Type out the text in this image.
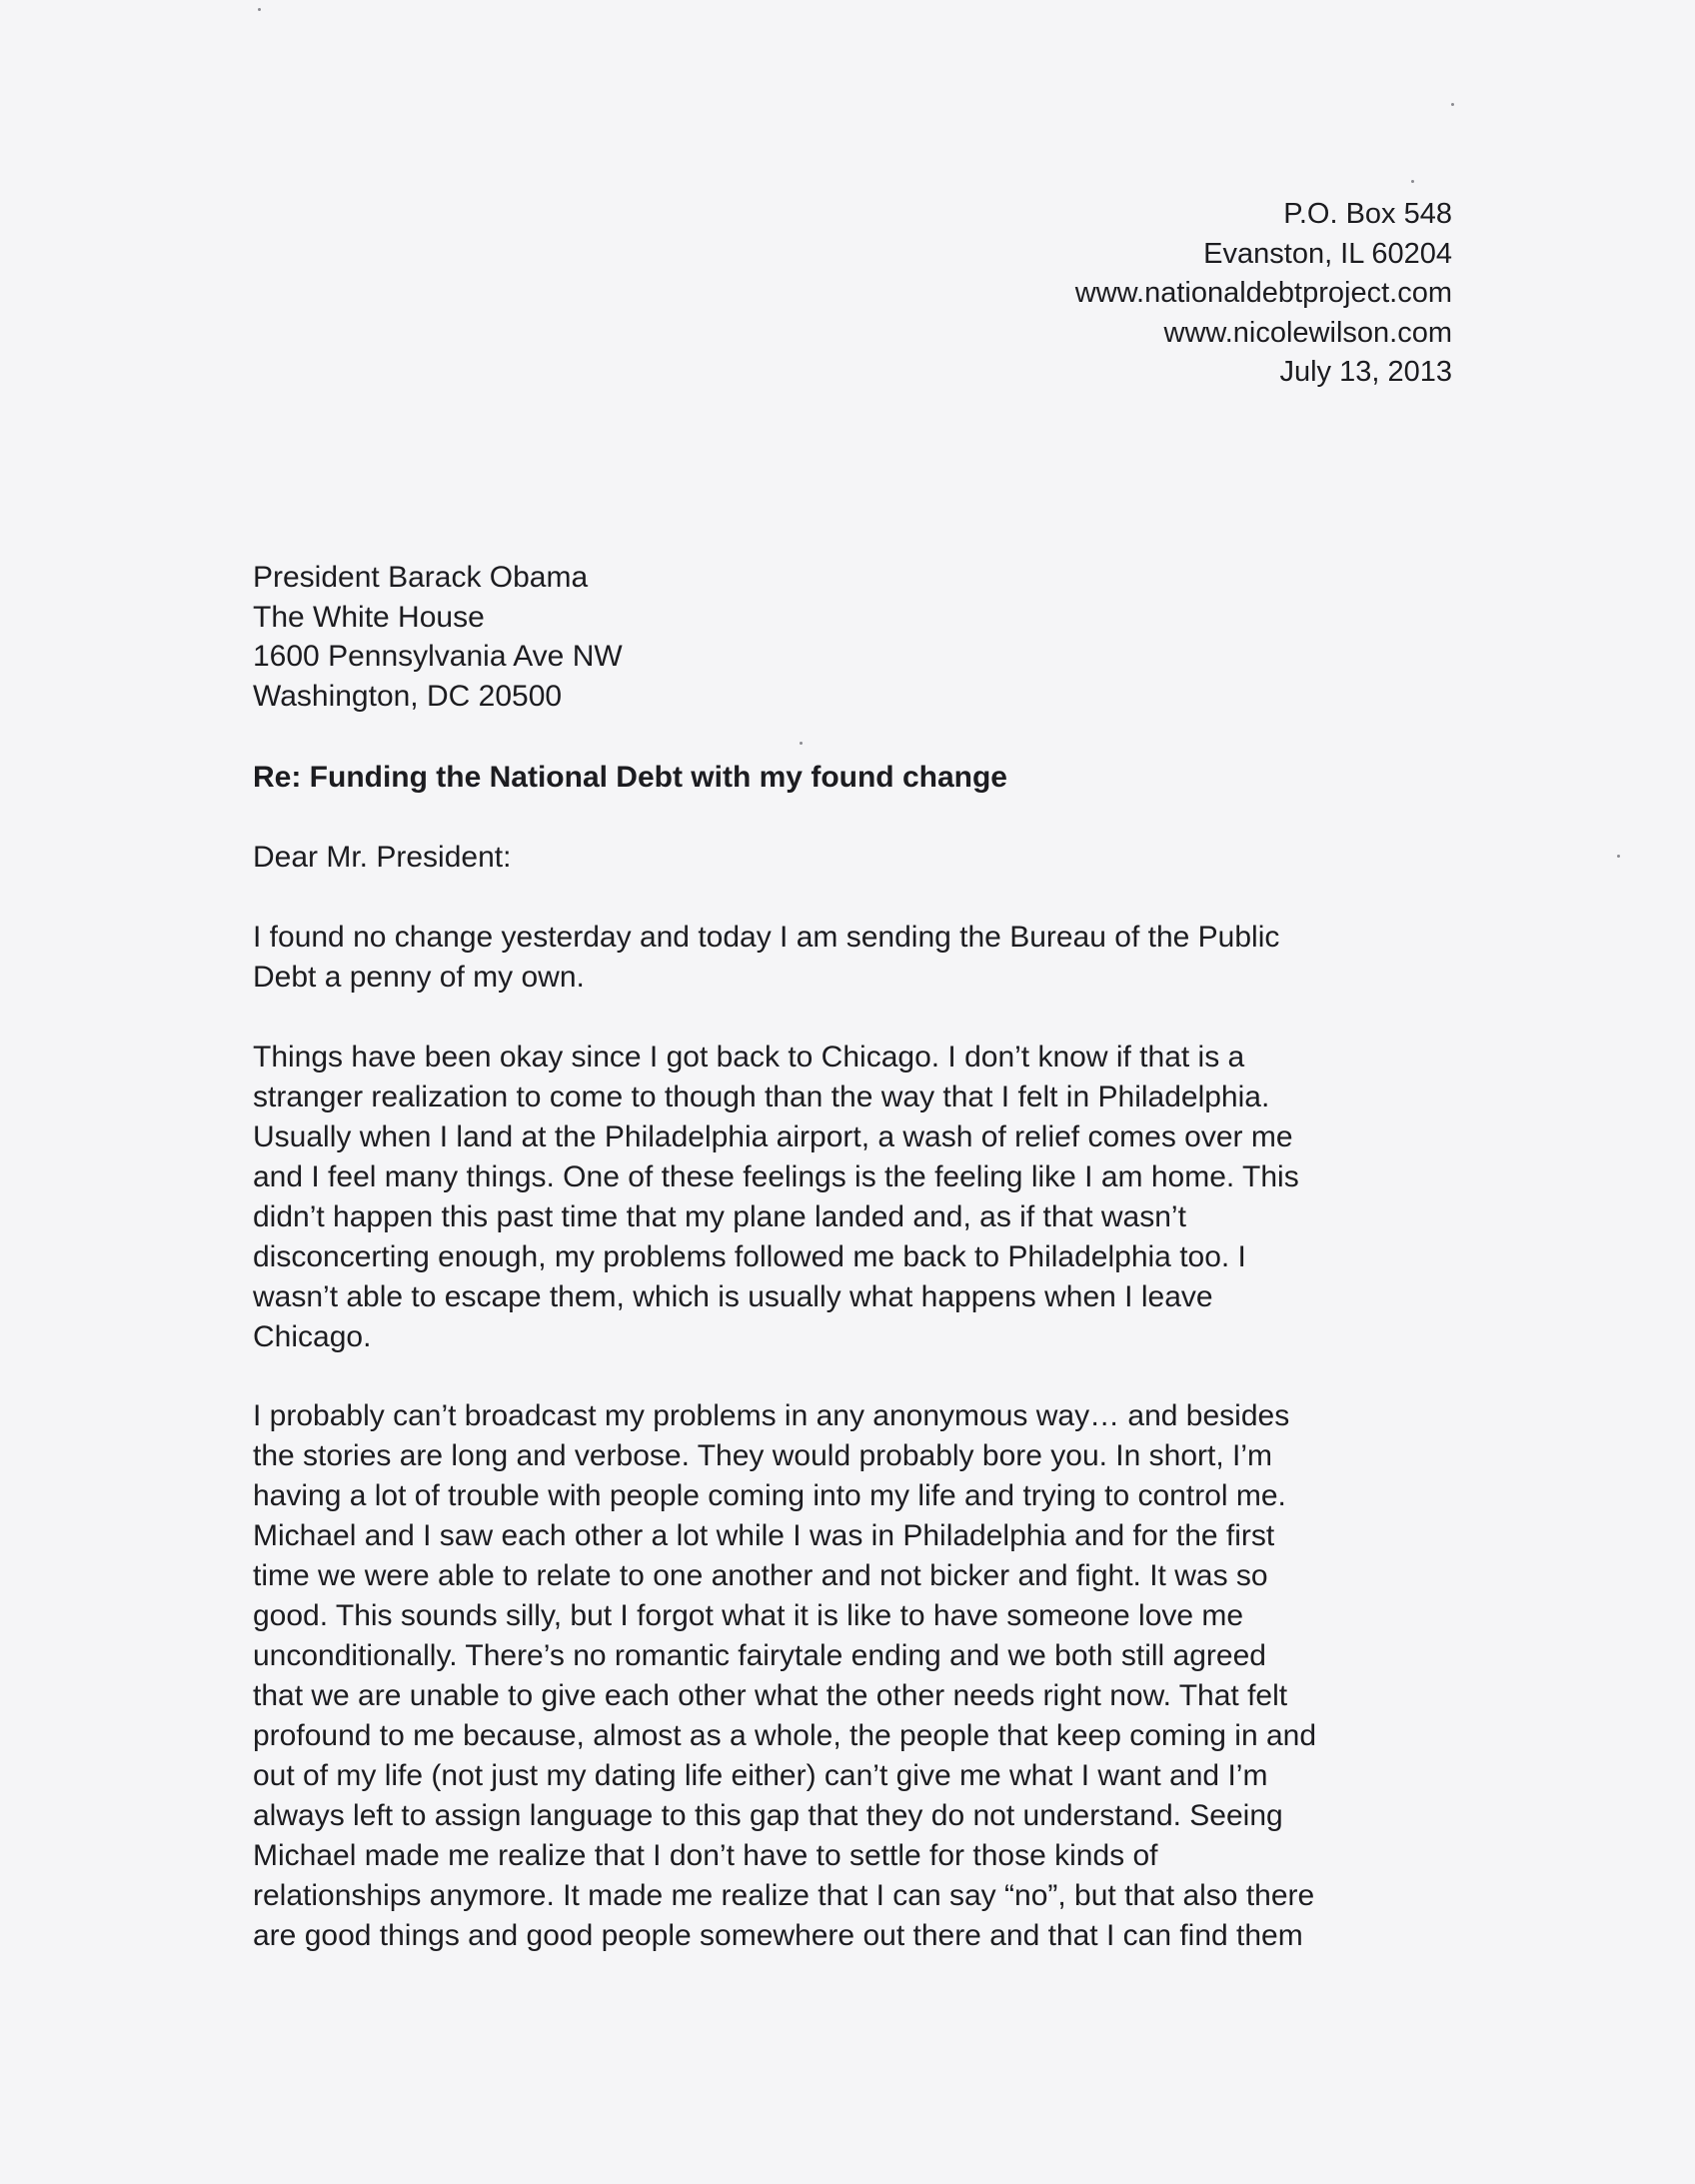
P.O. Box 548
Evanston, IL 60204
www.nationaldebtproject.com
www.nicolewilson.com
July 13, 2013
President Barack Obama
The White House
1600 Pennsylvania Ave NW
Washington, DC 20500
Re: Funding the National Debt with my found change
Dear Mr. President:
I found no change yesterday and today I am sending the Bureau of the Public
Debt a penny of my own.
Things have been okay since I got back to Chicago. I don’t know if that is a
stranger realization to come to though than the way that I felt in Philadelphia.
Usually when I land at the Philadelphia airport, a wash of relief comes over me
and I feel many things. One of these feelings is the feeling like I am home. This
didn’t happen this past time that my plane landed and, as if that wasn’t
disconcerting enough, my problems followed me back to Philadelphia too. I
wasn’t able to escape them, which is usually what happens when I leave
Chicago.
I probably can’t broadcast my problems in any anonymous way… and besides
the stories are long and verbose. They would probably bore you. In short, I’m
having a lot of trouble with people coming into my life and trying to control me.
Michael and I saw each other a lot while I was in Philadelphia and for the first
time we were able to relate to one another and not bicker and fight. It was so
good. This sounds silly, but I forgot what it is like to have someone love me
unconditionally. There’s no romantic fairytale ending and we both still agreed
that we are unable to give each other what the other needs right now. That felt
profound to me because, almost as a whole, the people that keep coming in and
out of my life (not just my dating life either) can’t give me what I want and I’m
always left to assign language to this gap that they do not understand. Seeing
Michael made me realize that I don’t have to settle for those kinds of
relationships anymore. It made me realize that I can say “no”, but that also there
are good things and good people somewhere out there and that I can find them
